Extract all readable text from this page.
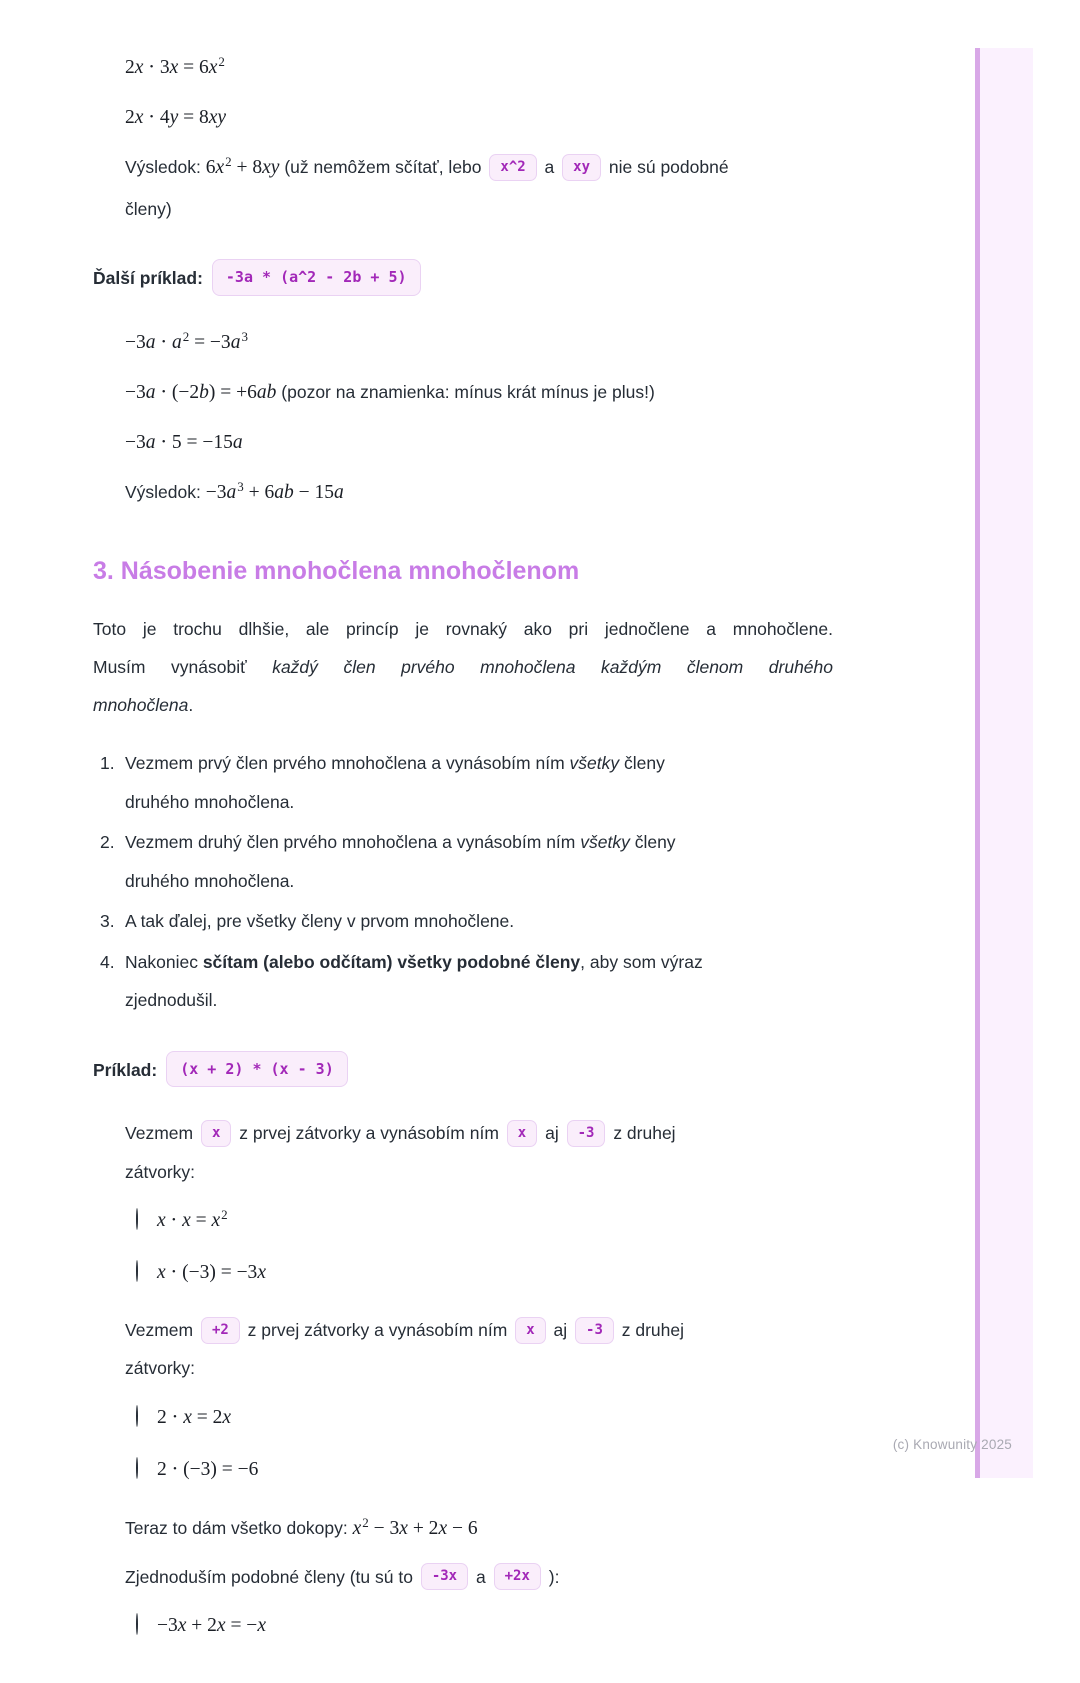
$2x \cdot 3x = 6x^2$
2x ⋅ 4y = 8xy
Výsledok: $6x^2 + 8xy$ (už nemôžem sčítať, lebo x^2 a xy nie sú podobné
členy)

Ďalší príklad: -3a * (a^2 - 2b + 5)

$-3a \cdot a^2 = -3a^3$
−3a ⋅ (−2b) = +6ab (pozor na znamienka: mínus krát mínus je plus!)
−3a ⋅ 5 = −15a
Výsledok: $-3a^3 + 6ab - 15a$
3. Násobenie mnohočlena mnohočlenom

Toto je trochu dlhšie, ale princíp je rovnaký ako pri jednočlene a mnohočlene.
Musím vynásobiť každý člen prvého mnohočlena každým členom druhého
mnohočlena.

1. Vezmem prvý člen prvého mnohočlena a vynásobím ním všetky členy
druhého mnohočlena.
2. Vezmem druhý člen prvého mnohočlena a vynásobím ním všetky členy
druhého mnohočlena.
3. A tak ďalej, pre všetky členy v prvom mnohočlene.
4. Nakoniec sčítam (alebo odčítam) všetky podobné členy, aby som výraz
zjednodušil.

Príklad: (x + 2) * (x - 3)

Vezmem x z prvej zátvorky a vynásobím ním x aj -3 z druhej
zátvorky:
$x \cdot x = x^2$
x ⋅ (−3) = −3x
Vezmem +2 z prvej zátvorky a vynásobím ním x aj -3 z druhej
zátvorky:
2 ⋅ x = 2x
2 ⋅ (−3) = −6
Teraz to dám všetko dokopy: $x^2 - 3x + 2x - 6$
Zjednoduším podobné členy (tu sú to -3x a +2x ):
−3x + 2x = −x
(c) Knowunity 2025
